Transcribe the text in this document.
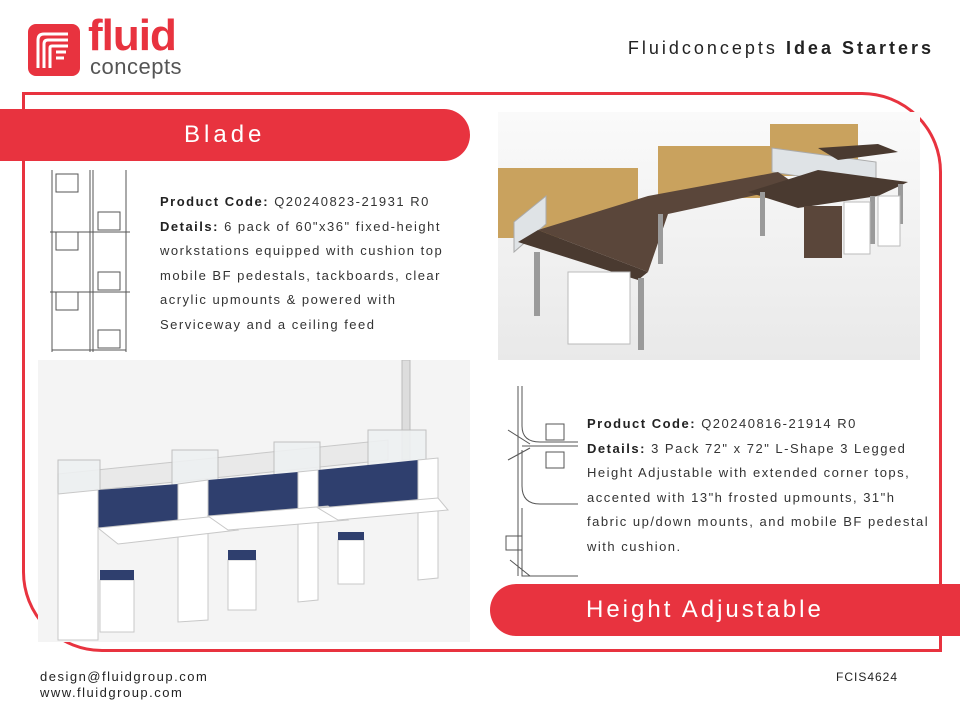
fluid
concepts
Fluidconcepts Idea Starters
Blade
Product Code: Q20240823-21931 R0
Details: 6 pack of 60"x36" fixed-height workstations equipped with cushion top mobile BF pedestals, tackboards, clear acrylic upmounts & powered with Serviceway and a ceiling feed
Product Code: Q20240816-21914 R0
Details: 3 Pack 72" x 72" L-Shape 3 Legged Height Adjustable with extended corner tops, accented with 13"h frosted upmounts, 31"h fabric up/down mounts, and mobile BF pedestal with cushion.
Height Adjustable
design@fluidgroup.com
www.fluidgroup.com
FCIS4624
